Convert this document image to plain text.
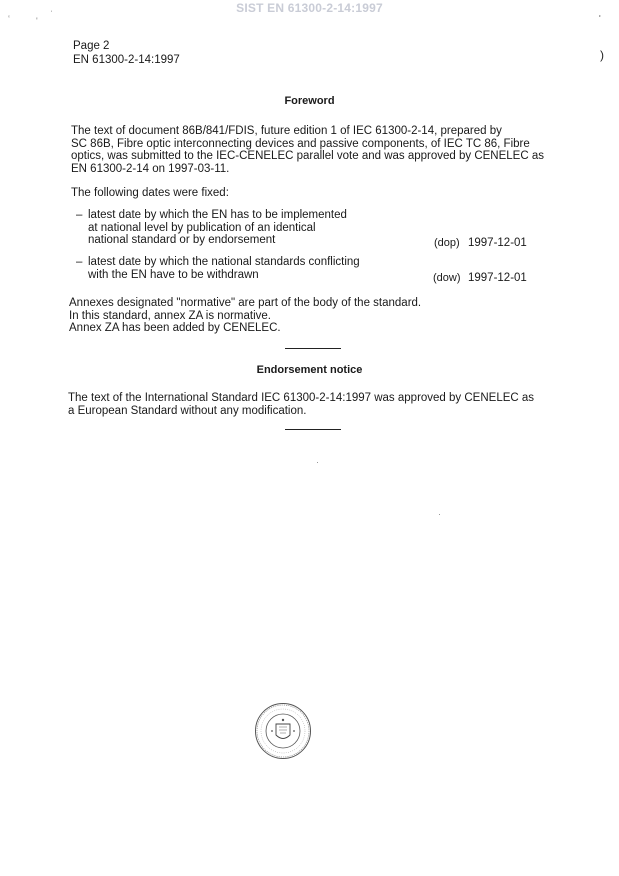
SIST EN 61300-2-14:1997
‛	ʹ
ˈ	ʾ
)
Page 2
EN 61300-2-14:1997
Foreword
The text of document 86B/841/FDIS, future edition 1 of IEC 61300-2-14, prepared by
SC 86B, Fibre optic interconnecting devices and passive components, of IEC TC 86, Fibre
optics, was submitted to the IEC-CENELEC parallel vote and was approved by CENELEC as
EN 61300-2-14 on 1997-03-11.
The following dates were fixed:
– latest date by which the EN has to be implemented
at national level by publication of an identical
national standard or by endorsement	(dop) 1997-12-01
– latest date by which the national standards conflicting
with the EN have to be withdrawn	(dow) 1997-12-01
Annexes designated "normative" are part of the body of the standard.
In this standard, annex ZA is normative.
Annex ZA has been added by CENELEC.
Endorsement notice
The text of the International Standard IEC 61300-2-14:1997 was approved by CENELEC as
a European Standard without any modification.
·
·
